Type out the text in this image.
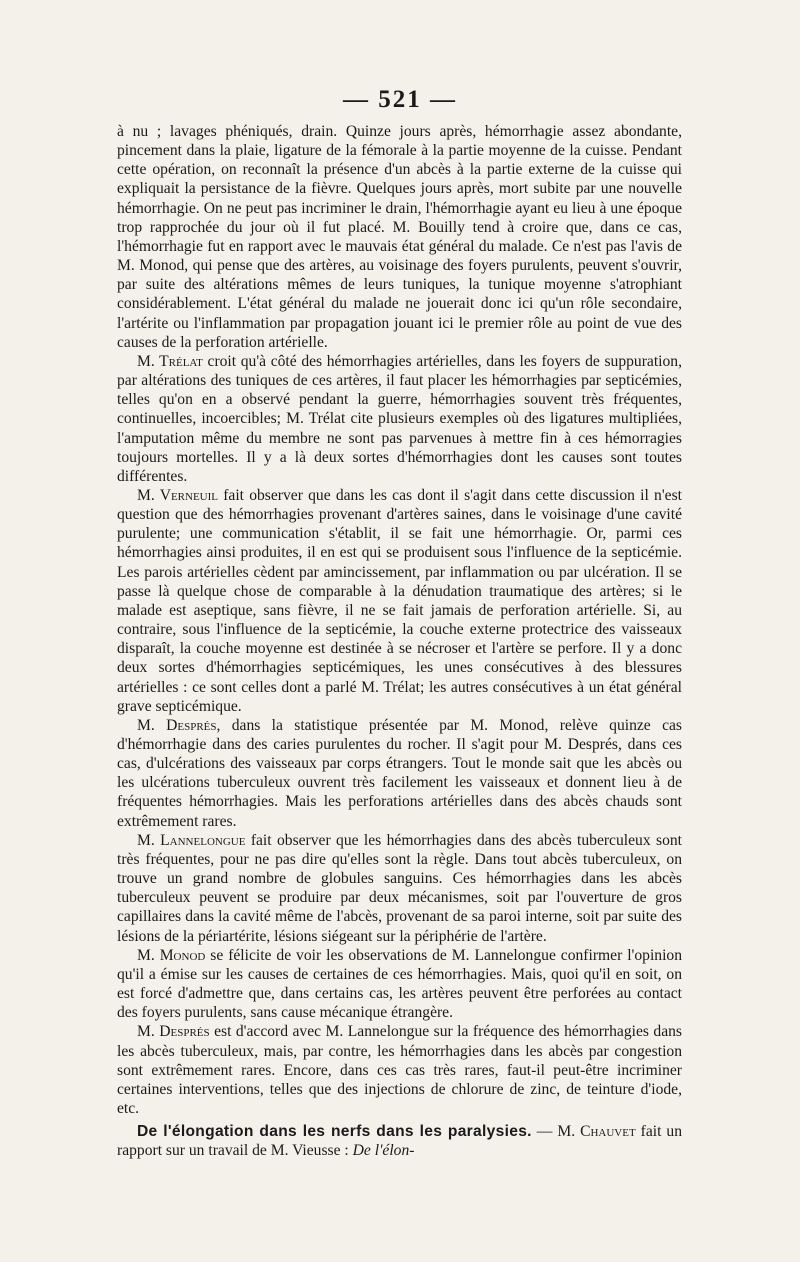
— 521 —

à nu ; lavages phéniqués, drain. Quinze jours après, hémorrhagie assez abondante, pincement dans la plaie, ligature de la fémorale à la partie moyenne de la cuisse. Pendant cette opération, on reconnaît la présence d'un abcès à la partie externe de la cuisse qui expliquait la persistance de la fièvre. Quelques jours après, mort subite par une nouvelle hémorrhagie. On ne peut pas incriminer le drain, l'hémorrhagie ayant eu lieu à une époque trop rapprochée du jour où il fut placé. M. Bouilly tend à croire que, dans ce cas, l'hémorrhagie fut en rapport avec le mauvais état général du malade. Ce n'est pas l'avis de M. Monod, qui pense que des artères, au voisinage des foyers purulents, peuvent s'ouvrir, par suite des altérations mêmes de leurs tuniques, la tunique moyenne s'atrophiant considérablement. L'état général du malade ne jouerait donc ici qu'un rôle secondaire, l'artérite ou l'inflammation par propagation jouant ici le premier rôle au point de vue des causes de la perforation artérielle.

M. Trélat croit qu'à côté des hémorrhagies artérielles, dans les foyers de suppuration, par altérations des tuniques de ces artères, il faut placer les hémorrhagies par septicémies, telles qu'on en a observé pendant la guerre, hémorrhagies souvent très fréquentes, continuelles, incoercibles; M. Trélat cite plusieurs exemples où des ligatures multipliées, l'amputation même du membre ne sont pas parvenues à mettre fin à ces hémorragies toujours mortelles. Il y a là deux sortes d'hémorrhagies dont les causes sont toutes différentes.

M. Verneuil fait observer que dans les cas dont il s'agit dans cette discussion il n'est question que des hémorrhagies provenant d'artères saines, dans le voisinage d'une cavité purulente; une communication s'établit, il se fait une hémorrhagie. Or, parmi ces hémorrhagies ainsi produites, il en est qui se produisent sous l'influence de la septicémie. Les parois artérielles cèdent par amincissement, par inflammation ou par ulcération. Il se passe là quelque chose de comparable à la dénudation traumatique des artères; si le malade est aseptique, sans fièvre, il ne se fait jamais de perforation artérielle. Si, au contraire, sous l'influence de la septicémie, la couche externe protectrice des vaisseaux disparaît, la couche moyenne est destinée à se nécroser et l'artère se perfore. Il y a donc deux sortes d'hémorrhagies septicémiques, les unes consécutives à des blessures artérielles : ce sont celles dont a parlé M. Trélat; les autres consécutives à un état général grave septicémique.

M. Després, dans la statistique présentée par M. Monod, relève quinze cas d'hémorrhagie dans des caries purulentes du rocher. Il s'agit pour M. Després, dans ces cas, d'ulcérations des vaisseaux par corps étrangers. Tout le monde sait que les abcès ou les ulcérations tuberculeux ouvrent très facilement les vaisseaux et donnent lieu à de fréquentes hémorrhagies. Mais les perforations artérielles dans des abcès chauds sont extrêmement rares.

M. Lannelongue fait observer que les hémorrhagies dans des abcès tuberculeux sont très fréquentes, pour ne pas dire qu'elles sont la règle. Dans tout abcès tuberculeux, on trouve un grand nombre de globules sanguins. Ces hémorrhagies dans les abcès tuberculeux peuvent se produire par deux mécanismes, soit par l'ouverture de gros capillaires dans la cavité même de l'abcès, provenant de sa paroi interne, soit par suite des lésions de la périartérite, lésions siégeant sur la périphérie de l'artère.

M. Monod se félicite de voir les observations de M. Lannelongue confirmer l'opinion qu'il a émise sur les causes de certaines de ces hémorrhagies. Mais, quoi qu'il en soit, on est forcé d'admettre que, dans certains cas, les artères peuvent être perforées au contact des foyers purulents, sans cause mécanique étrangère.

M. Després est d'accord avec M. Lannelongue sur la fréquence des hémorrhagies dans les abcès tuberculeux, mais, par contre, les hémorrhagies dans les abcès par congestion sont extrêmement rares. Encore, dans ces cas très rares, faut-il peut-être incriminer certaines interventions, telles que des injections de chlorure de zinc, de teinture d'iode, etc.

De l'élongation dans les nerfs dans les paralysies. — M. Chauvet fait un rapport sur un travail de M. Vieusse : De l'élon-
